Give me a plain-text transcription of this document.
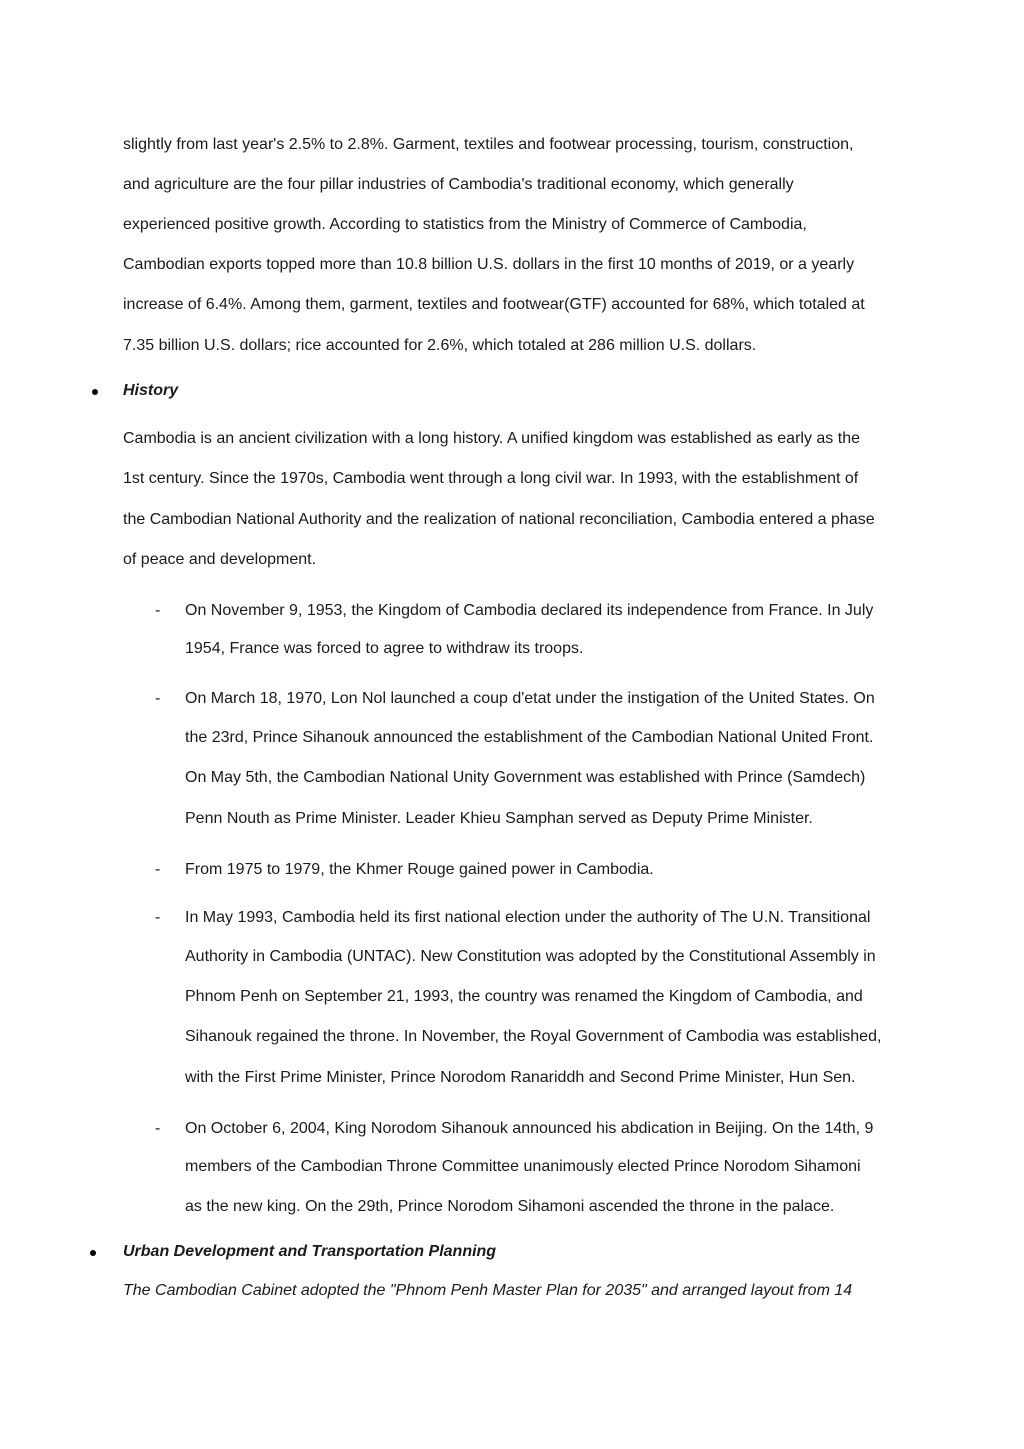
slightly from last year's 2.5% to 2.8%. Garment, textiles and footwear processing, tourism, construction,
and agriculture are the four pillar industries of Cambodia's traditional economy, which generally
experienced positive growth. According to statistics from the Ministry of Commerce of Cambodia,
Cambodian exports topped more than 10.8 billion U.S. dollars in the first 10 months of 2019, or a yearly
increase of 6.4%. Among them, garment, textiles and footwear(GTF) accounted for 68%, which totaled at
7.35 billion U.S. dollars; rice accounted for 2.6%, which totaled at 286 million U.S. dollars.
History
Cambodia is an ancient civilization with a long history. A unified kingdom was established as early as the
1st century. Since the 1970s, Cambodia went through a long civil war. In 1993, with the establishment of
the Cambodian National Authority and the realization of national reconciliation, Cambodia entered a phase
of peace and development.
- On November 9, 1953, the Kingdom of Cambodia declared its independence from France. In July
1954, France was forced to agree to withdraw its troops.
- On March 18, 1970, Lon Nol launched a coup d'etat under the instigation of the United States. On
the 23rd, Prince Sihanouk announced the establishment of the Cambodian National United Front.
On May 5th, the Cambodian National Unity Government was established with Prince (Samdech)
Penn Nouth as Prime Minister. Leader Khieu Samphan served as Deputy Prime Minister.
- From 1975 to 1979, the Khmer Rouge gained power in Cambodia.
- In May 1993, Cambodia held its first national election under the authority of The U.N. Transitional
Authority in Cambodia (UNTAC). New Constitution was adopted by the Constitutional Assembly in
Phnom Penh on September 21, 1993, the country was renamed the Kingdom of Cambodia, and
Sihanouk regained the throne. In November, the Royal Government of Cambodia was established,
with the First Prime Minister, Prince Norodom Ranariddh and Second Prime Minister, Hun Sen.
- On October 6, 2004, King Norodom Sihanouk announced his abdication in Beijing. On the 14th, 9
members of the Cambodian Throne Committee unanimously elected Prince Norodom Sihamoni
as the new king. On the 29th, Prince Norodom Sihamoni ascended the throne in the palace.
Urban Development and Transportation Planning
The Cambodian Cabinet adopted the "Phnom Penh Master Plan for 2035" and arranged layout from 14
